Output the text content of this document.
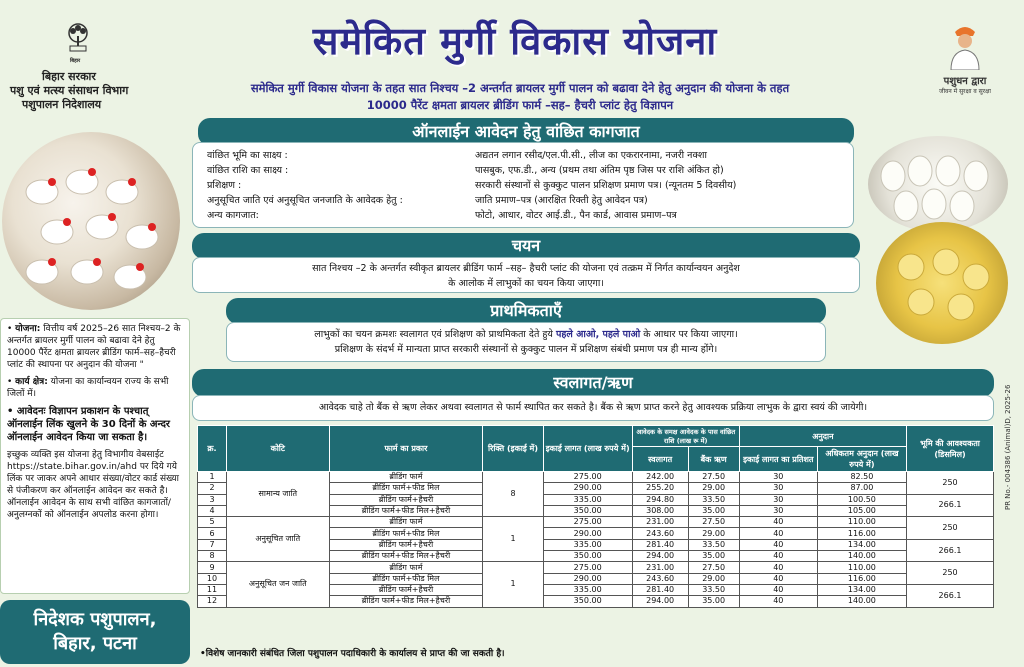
समेकित मुर्गी विकास योजना
समेकित मुर्गी विकास योजना के तहत सात निश्चय –2 अन्तर्गत ब्रायलर मुर्गी पालन को बढावा देने हेतु अनुदान की योजना के तहत
10000 पैरेंट क्षमता ब्रायलर ब्रीडिंग फार्म –सह– हैचरी प्लांट हेतु विज्ञापन
बिहार
बिहार सरकार
पशु एवं मत्स्य संसाधन विभाग
पशुपालन निदेशालय
पशुधन द्वारा
जीवन में सुरक्षा व सुरक्षा
ऑनलाईन आवेदन हेतु वांछित कागजात
वांछित भूमि का साक्ष्य :	अद्यतन लगान रसीद/एल.पी.सी., लीज का एकरारनामा, नजरी नक्शा
वांछित राशि का साक्ष्य :	पासबुक, एफ.डी., अन्य (प्रथम तथा अंतिम पृष्ठ जिस पर राशि अंकित हो)
प्रशिक्षण :	सरकारी संस्थानों से कुक्कुट पालन प्रशिक्षण प्रमाण पत्र। (न्यूनतम 5 दिवसीय)
अनुसूचित जाति एवं अनुसूचित जनजाति के आवेदक हेतु :	जाति प्रमाण–पत्र (आरक्षित रिक्ती हेतु आवेदन पत्र)
अन्य कागजात:	फोटो, आधार, वोटर आई.डी., पैन कार्ड, आवास प्रमाण–पत्र
चयन
सात निश्चय –2 के अन्तर्गत स्वीकृत ब्रायलर ब्रीडिंग फार्म –सह– हैचरी प्लांट की योजना एवं तत्क्रम में निर्गत कार्यान्वयन अनुदेश
के आलोक में लाभुकों का चयन किया जाएगा।
प्राथमिकताएँ
लाभुकों का चयन क्रमशः स्वलागत एवं प्रशिक्षण को प्राथमिकता देते हुये पहले आओ, पहले पाओ के आधार पर किया जाएगा।
प्रशिक्षण के संदर्भ में मान्यता प्राप्त सरकारी संस्थानों से कुक्कुट पालन में प्रशिक्षण संबंधी प्रमाण पत्र ही मान्य होंगे।
स्वलागत/ऋण
आवेदक चाहे तो बैंक से ऋण लेकर अथवा स्वलागत से फार्म स्थापित कर सकते है। बैंक से ऋण प्राप्त करने हेतु आवश्यक प्रक्रिया लाभुक के द्वारा स्वयं की जायेगी।

• योजना: वित्तीय वर्ष 2025–26 सात निश्चय–2 के अन्तर्गत ब्रायलर मुर्गी पालन को बढावा देने हेतु 10000 पैरेंट क्षमता ब्रायलर ब्रीडिंग फार्म–सह–हैचरी प्लांट की स्थापना पर अनुदान की योजना "

• कार्य क्षेत्र: योजना का कार्यान्वयन राज्य के सभी जिलों में।

• आवेदनः विज्ञापन प्रकाशन के पश्चात् ऑनलाईन लिंक खुलने के 30 दिनों के अन्दर ऑनलाईन आवेदन किया जा सकता है।

इच्छुक व्यक्ति इस योजना हेतु विभागीय वेबसाईट https://state.bihar.gov.in/ahd पर दिये गये लिंक पर जाकर अपने आधार संख्या/वोटर कार्ड संख्या से पंजीकरण कर ऑनलाईन आवेदन कर सकते है। ऑनलाईन आवेदन के साथ सभी वांछित कागजातों/अनुलग्नकों को ऑनलाईन अपलोड करना होगा।

निदेशक पशुपालन,
बिहार, पटना
क्र.	कोटि	फार्म का प्रकार	रिक्ति (इकाई में)	इकाई लागत (लाख रुपये में)	आवेदक के समक्ष आवेदक के पास वांछित राशि (लाख रू में)		अनुदान		भूमि की आवश्यकता (डिसमिल)
					स्वलागत	बैंक ऋण	इकाई लागत का प्रतिशत	अधिकतम अनुदान (लाख रुपये में)	
1	सामान्य जाति	ब्रीडिंग फार्म	8	275.00	242.00	27.50	30	82.50	250
2		ब्रीडिंग फार्म+फीड मिल		290.00	255.20	29.00	30	87.00	
3		ब्रीडिंग फार्म+हैचरी		335.00	294.80	33.50	30	100.50	266.1
4		ब्रीडिंग फार्म+फीड मिल+हैचरी		350.00	308.00	35.00	30	105.00	
5	अनुसूचित जाति	ब्रीडिंग फार्म	1	275.00	231.00	27.50	40	110.00	250
6		ब्रीडिंग फार्म+फीड मिल		290.00	243.60	29.00	40	116.00	
7		ब्रीडिंग फार्म+हैचरी		335.00	281.40	33.50	40	134.00	266.1
8		ब्रीडिंग फार्म+फीड मिल+हैचरी		350.00	294.00	35.00	40	140.00	
9	अनुसूचित जन जाति	ब्रीडिंग फार्म	1	275.00	231.00	27.50	40	110.00	250
10		ब्रीडिंग फार्म+फीड मिल		290.00	243.60	29.00	40	116.00	
11		ब्रीडिंग फार्म+हैचरी		335.00	281.40	33.50	40	134.00	266.1
12		ब्रीडिंग फार्म+फीड मिल+हैचरी		350.00	294.00	35.00	40	140.00	
•विशेष जानकारी संबंधित जिला पशुपालन पदाधिकारी के कार्यालय से प्राप्त की जा सकती है।
PR No.- 004386 (Animal)D, 2025-26
